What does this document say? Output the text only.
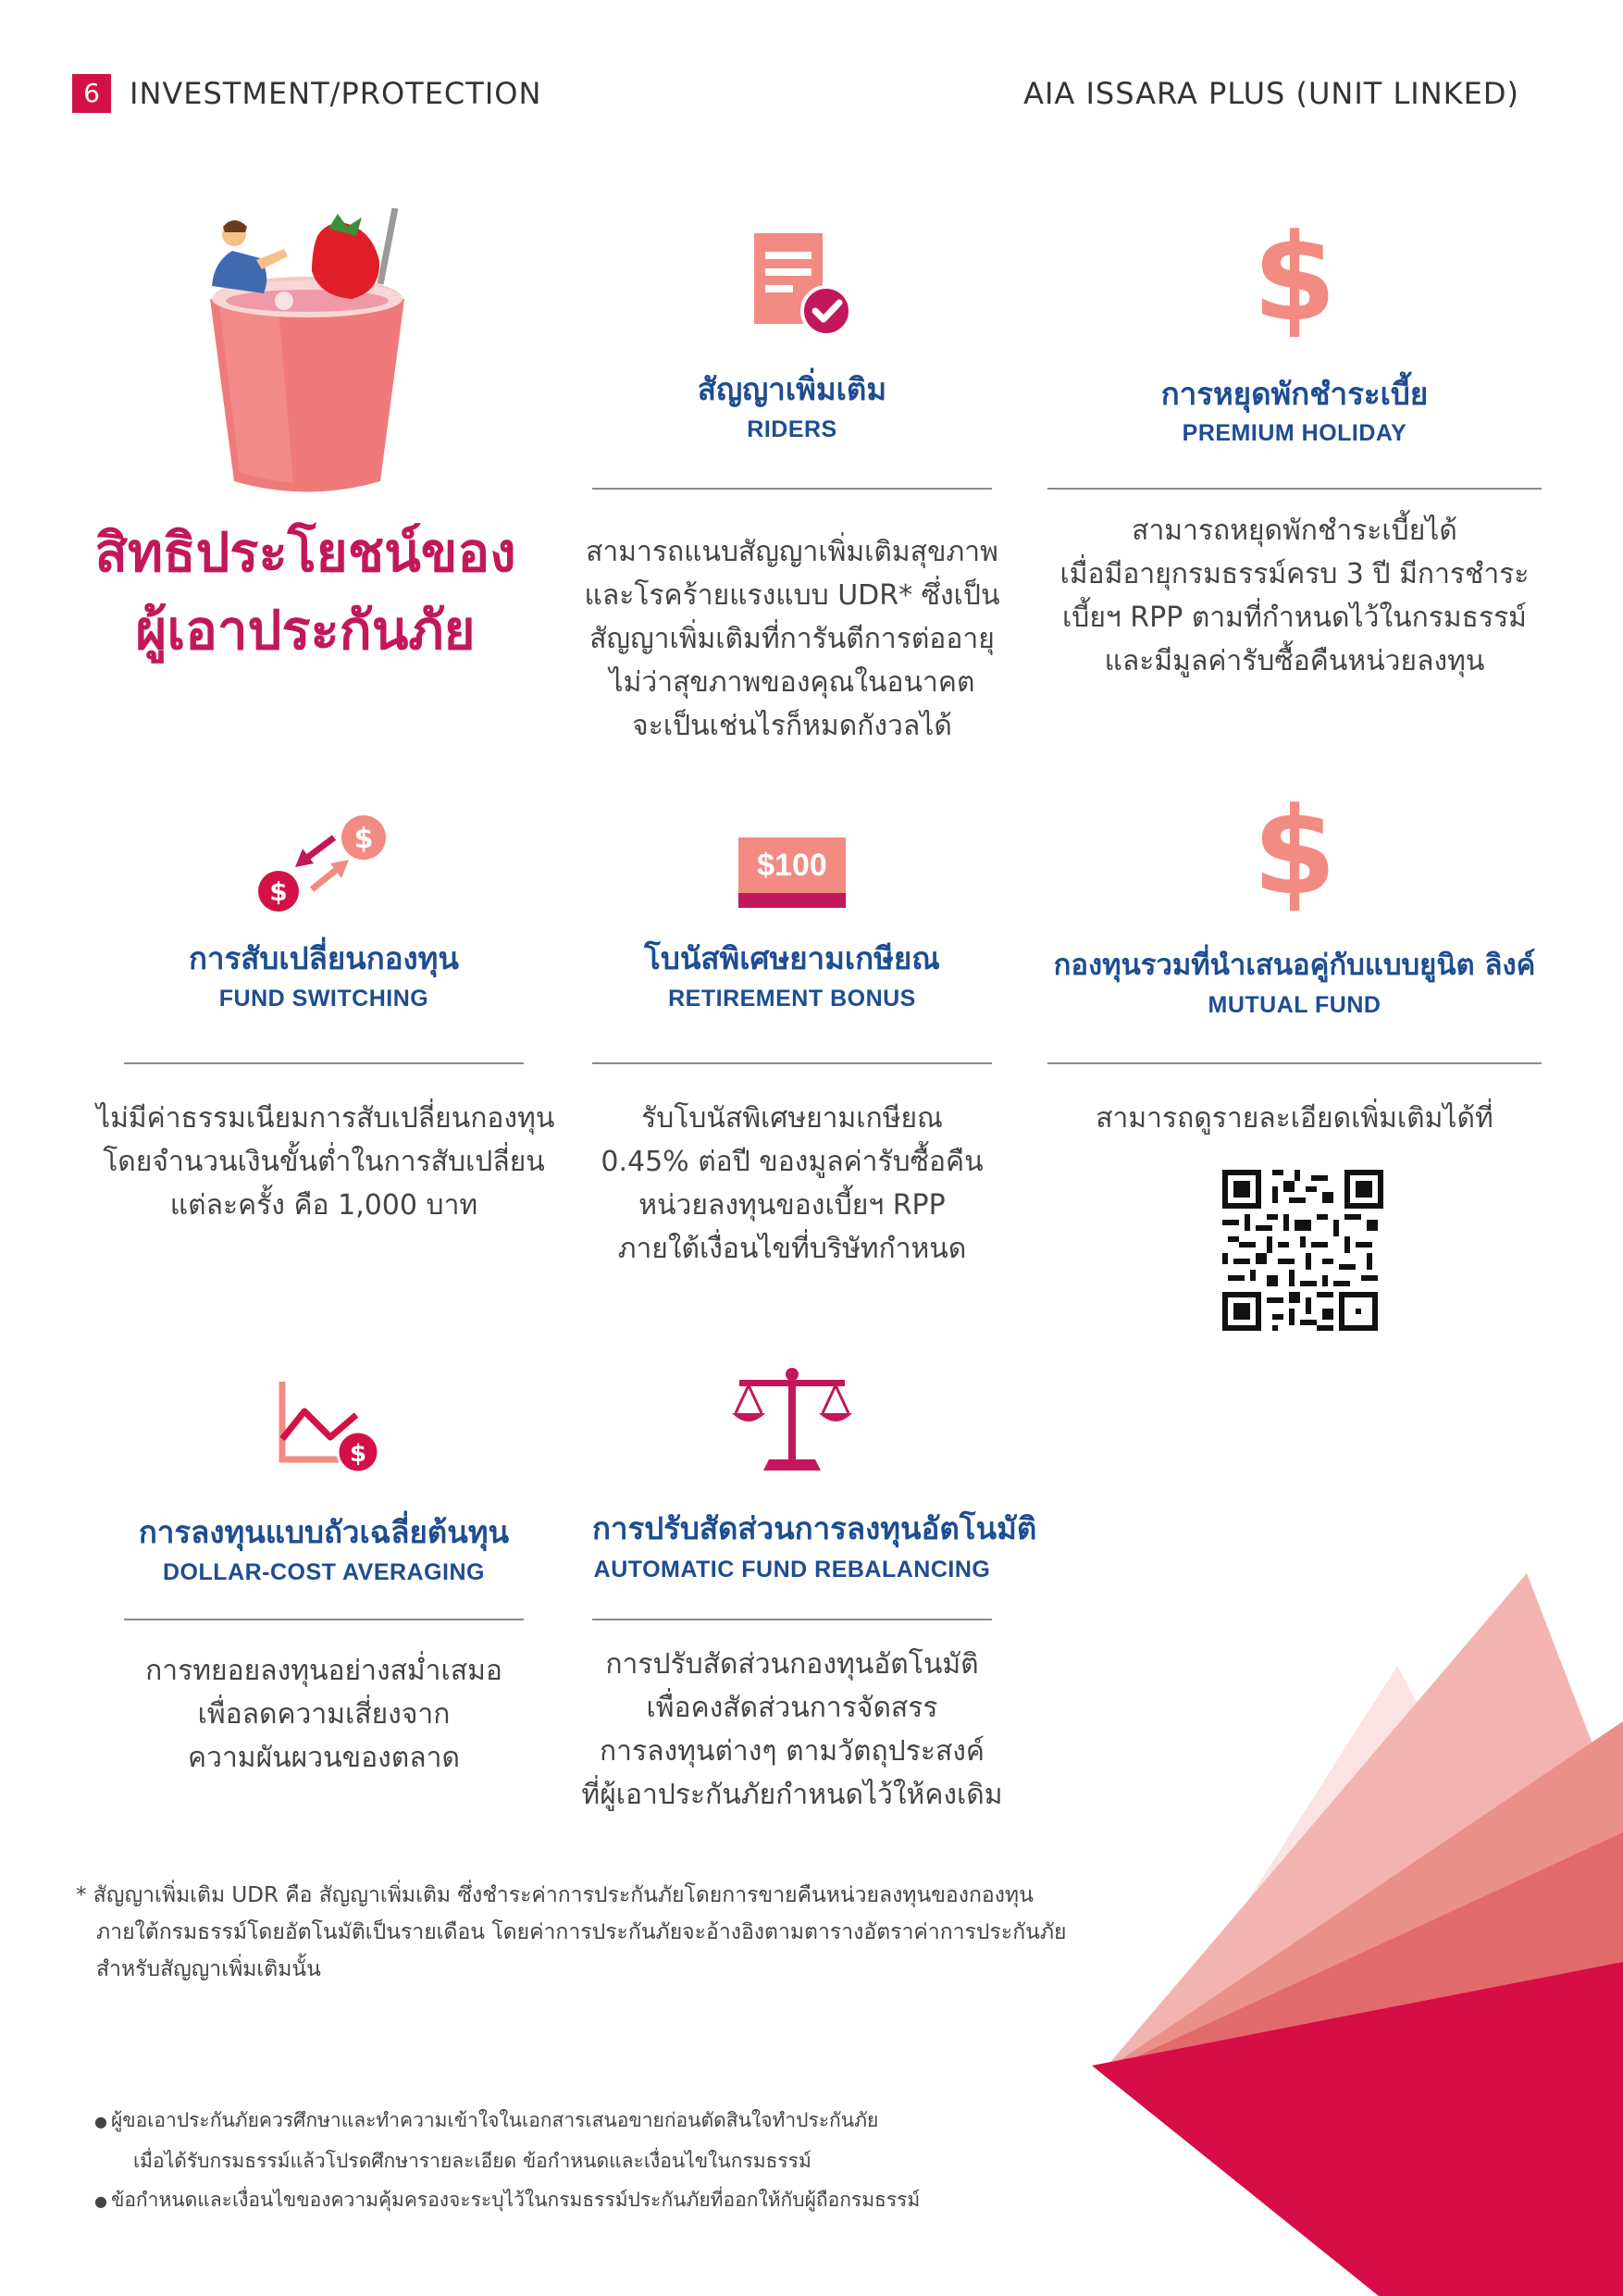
6	INVESTMENT/PROTECTION	AIA ISSARA PLUS (UNIT LINKED)
สิทธิประโยชน์ของ
ผู้เอาประกันภัย
สัญญาเพิ่มเติม
RIDERS
สามารถแนบสัญญาเพิ่มเติมสุขภาพ
และโรคร้ายแรงแบบ UDR* ซึ่งเป็น
สัญญาเพิ่มเติมที่การันตีการต่ออายุ
ไม่ว่าสุขภาพของคุณในอนาคต
จะเป็นเช่นไรก็หมดกังวลได้
$
การหยุดพักชำระเบี้ย
PREMIUM HOLIDAY
สามารถหยุดพักชำระเบี้ยได้
เมื่อมีอายุกรมธรรม์ครบ 3 ปี มีการชำระ
เบี้ยฯ RPP ตามที่กำหนดไว้ในกรมธรรม์
และมีมูลค่ารับซื้อคืนหน่วยลงทุน
$
$
การสับเปลี่ยนกองทุน
FUND SWITCHING
ไม่มีค่าธรรมเนียมการสับเปลี่ยนกองทุน
โดยจำนวนเงินขั้นต่ำในการสับเปลี่ยน
แต่ละครั้ง คือ 1,000 บาท
$100
โบนัสพิเศษยามเกษียณ
RETIREMENT BONUS
รับโบนัสพิเศษยามเกษียณ
0.45% ต่อปี ของมูลค่ารับซื้อคืน
หน่วยลงทุนของเบี้ยฯ RPP
ภายใต้เงื่อนไขที่บริษัทกำหนด
$
กองทุนรวมที่นำเสนอคู่กับแบบยูนิต ลิงค์
MUTUAL FUND
สามารถดูรายละเอียดเพิ่มเติมได้ที่
$
การลงทุนแบบถัวเฉลี่ยต้นทุน
DOLLAR-COST AVERAGING
การทยอยลงทุนอย่างสม่ำเสมอ
เพื่อลดความเสี่ยงจาก
ความผันผวนของตลาด
การปรับสัดส่วนการลงทุนอัตโนมัติ
AUTOMATIC FUND REBALANCING
การปรับสัดส่วนกองทุนอัตโนมัติ
เพื่อคงสัดส่วนการจัดสรร
การลงทุนต่างๆ ตามวัตถุประสงค์
ที่ผู้เอาประกันภัยกำหนดไว้ให้คงเดิม
* สัญญาเพิ่มเติม UDR คือ สัญญาเพิ่มเติม ซึ่งชำระค่าการประกันภัยโดยการขายคืนหน่วยลงทุนของกองทุน
ภายใต้กรมธรรม์โดยอัตโนมัติเป็นรายเดือน โดยค่าการประกันภัยจะอ้างอิงตามตารางอัตราค่าการประกันภัย
สำหรับสัญญาเพิ่มเติมนั้น
● ผู้ขอเอาประกันภัยควรศึกษาและทำความเข้าใจในเอกสารเสนอขายก่อนตัดสินใจทำประกันภัย
เมื่อได้รับกรมธรรม์แล้วโปรดศึกษารายละเอียด ข้อกำหนดและเงื่อนไขในกรมธรรม์
● ข้อกำหนดและเงื่อนไขของความคุ้มครองจะระบุไว้ในกรมธรรม์ประกันภัยที่ออกให้กับผู้ถือกรมธรรม์
